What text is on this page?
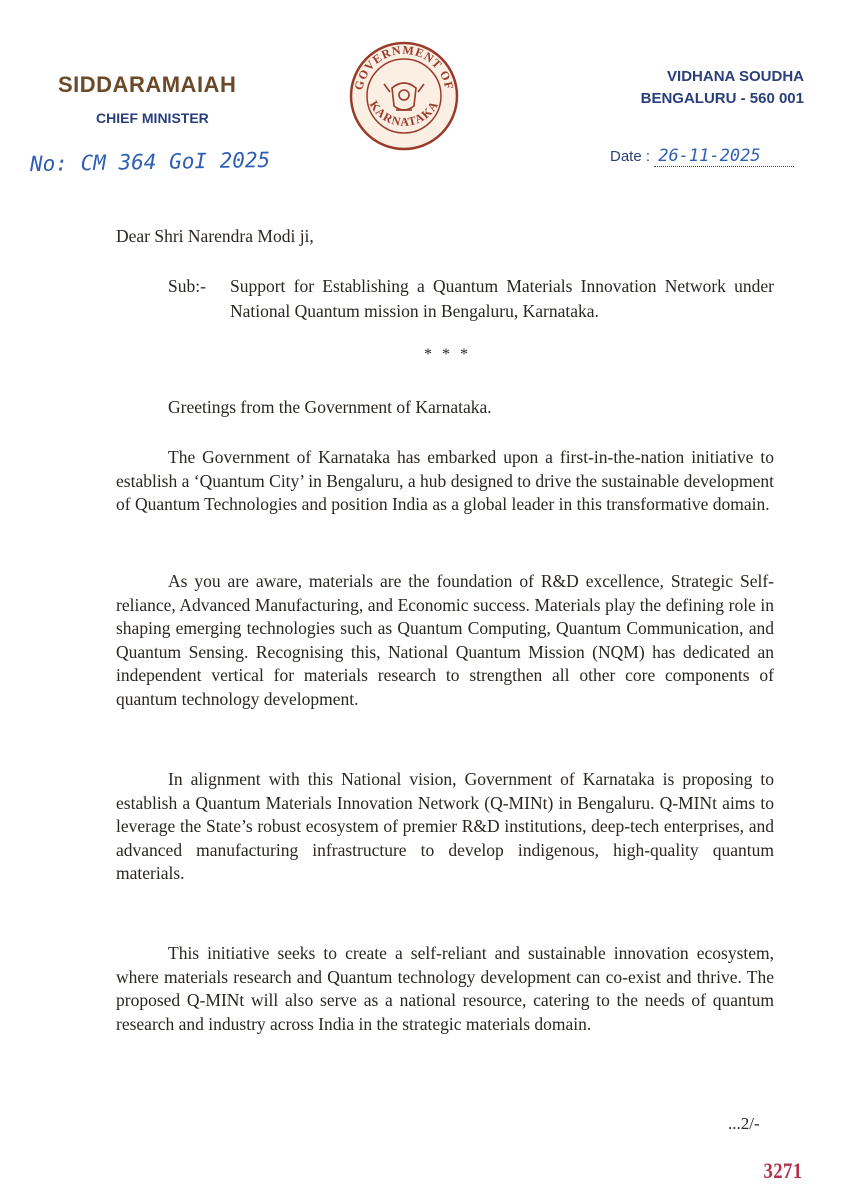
SIDDARAMAIAH
CHIEF MINISTER
GOVERNMENT OF
KARNATAKA
VIDHANA SOUDHA
BENGALURU - 560 001
No: CM 364 GoI 2025	Date : 26-11-2025
Dear Shri Narendra Modi ji,
Sub:-	Support for Establishing a Quantum Materials Innovation Network under National Quantum mission in Bengaluru, Karnataka.
* * *
Greetings from the Government of Karnataka.
The Government of Karnataka has embarked upon a first-in-the-nation initiative to establish a ‘Quantum City’ in Bengaluru, a hub designed to drive the sustainable development of Quantum Technologies and position India as a global leader in this transformative domain.
As you are aware, materials are the foundation of R&D excellence, Strategic Self-reliance, Advanced Manufacturing, and Economic success. Materials play the defining role in shaping emerging technologies such as Quantum Computing, Quantum Communication, and Quantum Sensing. Recognising this, National Quantum Mission (NQM) has dedicated an independent vertical for materials research to strengthen all other core components of quantum technology development.
In alignment with this National vision, Government of Karnataka is proposing to establish a Quantum Materials Innovation Network (Q-MINt) in Bengaluru. Q-MINt aims to leverage the State’s robust ecosystem of premier R&D institutions, deep-tech enterprises, and advanced manufacturing infrastructure to develop indigenous, high-quality quantum materials.
This initiative seeks to create a self-reliant and sustainable innovation ecosystem, where materials research and Quantum technology development can co-exist and thrive. The proposed Q-MINt will also serve as a national resource, catering to the needs of quantum research and industry across India in the strategic materials domain.
...2/-
3271
